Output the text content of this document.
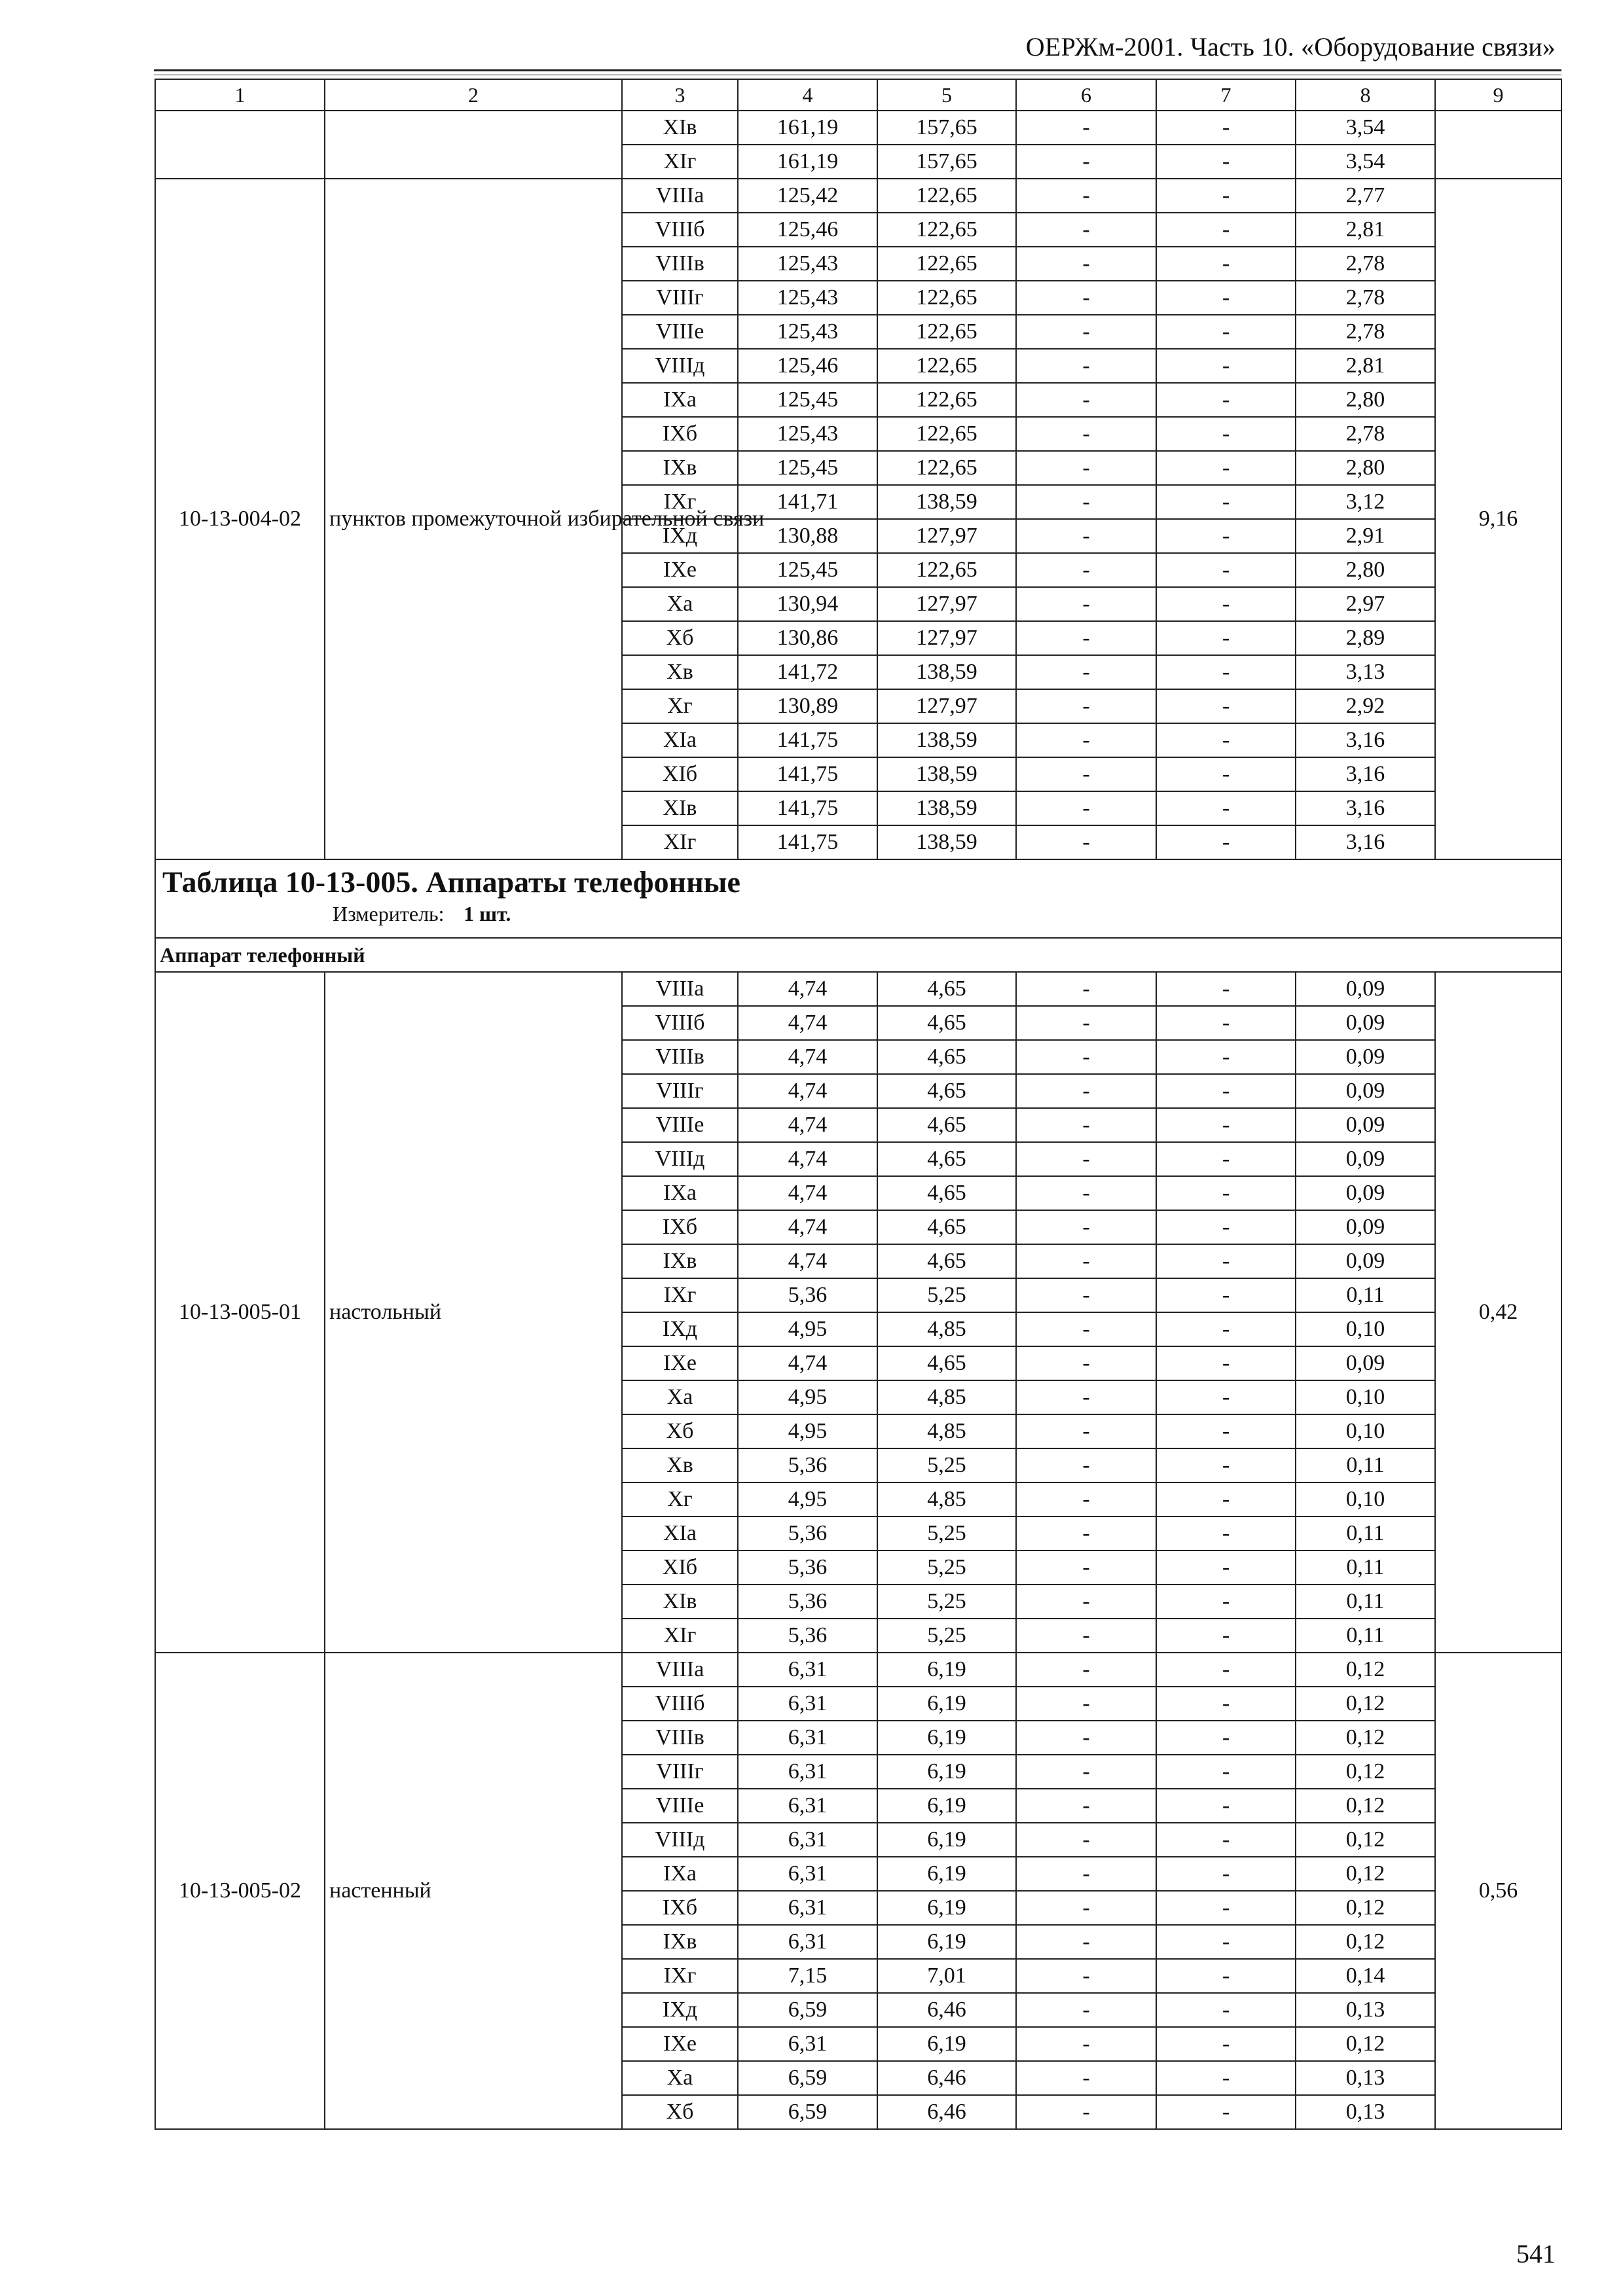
ОЕРЖм-2001. Часть 10. «Оборудование связи»
1	2	3	4	5	6	7	8	9
		XIв	161,19	157,65	-	-	3,54	
		XIг	161,19	157,65	-	-	3,54	
10-13-004-02	пунктов промежуточной избирательной связи	VIIIа	125,42	122,65	-	-	2,77	9,16
		VIIIб	125,46	122,65	-	-	2,81	
		VIIIв	125,43	122,65	-	-	2,78	
		VIIIг	125,43	122,65	-	-	2,78	
		VIIIе	125,43	122,65	-	-	2,78	
		VIIIд	125,46	122,65	-	-	2,81	
		IXа	125,45	122,65	-	-	2,80	
		IXб	125,43	122,65	-	-	2,78	
		IXв	125,45	122,65	-	-	2,80	
		IXг	141,71	138,59	-	-	3,12	
		IXд	130,88	127,97	-	-	2,91	
		IXе	125,45	122,65	-	-	2,80	
		Xа	130,94	127,97	-	-	2,97	
		Xб	130,86	127,97	-	-	2,89	
		Xв	141,72	138,59	-	-	3,13	
		Xг	130,89	127,97	-	-	2,92	
		XIа	141,75	138,59	-	-	3,16	
		XIб	141,75	138,59	-	-	3,16	
		XIв	141,75	138,59	-	-	3,16	
		XIг	141,75	138,59	-	-	3,16	

Таблица 10-13-005. Аппараты телефонные
Измеритель: 1 шт.								

Аппарат телефонный								
10-13-005-01	настольный	VIIIа	4,74	4,65	-	-	0,09	0,42
		VIIIб	4,74	4,65	-	-	0,09	
		VIIIв	4,74	4,65	-	-	0,09	
		VIIIг	4,74	4,65	-	-	0,09	
		VIIIе	4,74	4,65	-	-	0,09	
		VIIIд	4,74	4,65	-	-	0,09	
		IXа	4,74	4,65	-	-	0,09	
		IXб	4,74	4,65	-	-	0,09	
		IXв	4,74	4,65	-	-	0,09	
		IXг	5,36	5,25	-	-	0,11	
		IXд	4,95	4,85	-	-	0,10	
		IXе	4,74	4,65	-	-	0,09	
		Xа	4,95	4,85	-	-	0,10	
		Xб	4,95	4,85	-	-	0,10	
		Xв	5,36	5,25	-	-	0,11	
		Xг	4,95	4,85	-	-	0,10	
		XIа	5,36	5,25	-	-	0,11	
		XIб	5,36	5,25	-	-	0,11	
		XIв	5,36	5,25	-	-	0,11	
		XIг	5,36	5,25	-	-	0,11	
10-13-005-02	настенный	VIIIа	6,31	6,19	-	-	0,12	0,56
		VIIIб	6,31	6,19	-	-	0,12	
		VIIIв	6,31	6,19	-	-	0,12	
		VIIIг	6,31	6,19	-	-	0,12	
		VIIIе	6,31	6,19	-	-	0,12	
		VIIIд	6,31	6,19	-	-	0,12	
		IXа	6,31	6,19	-	-	0,12	
		IXб	6,31	6,19	-	-	0,12	
		IXв	6,31	6,19	-	-	0,12	
		IXг	7,15	7,01	-	-	0,14	
		IXд	6,59	6,46	-	-	0,13	
		IXе	6,31	6,19	-	-	0,12	
		Xа	6,59	6,46	-	-	0,13	
		Xб	6,59	6,46	-	-	0,13	
541
